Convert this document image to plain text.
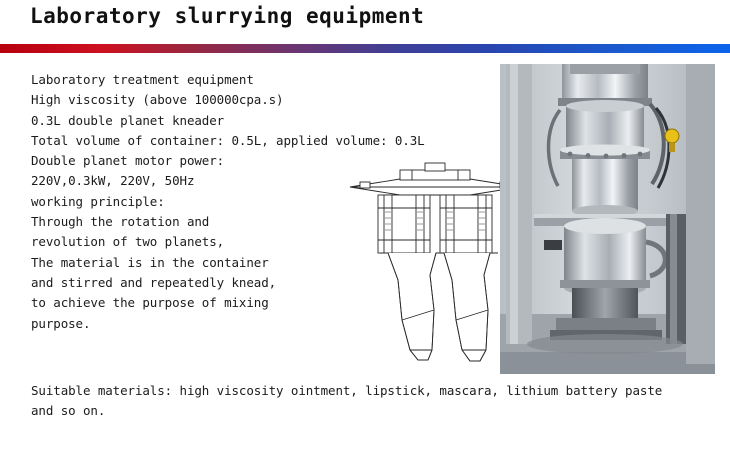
Laboratory slurrying equipment
Laboratory treatment equipment
High viscosity (above 100000cpa.s)
0.3L double planet kneader
Total volume of container: 0.5L, applied volume: 0.3L
Double planet motor power:
220V,0.3kW, 220V, 50Hz
working principle:
Through the rotation and
revolution of two planets,
The material is in the container
and stirred and repeatedly knead,
to achieve the purpose of mixing
purpose.
Suitable materials: high viscosity ointment, lipstick, mascara, lithium battery paste
and so on.
